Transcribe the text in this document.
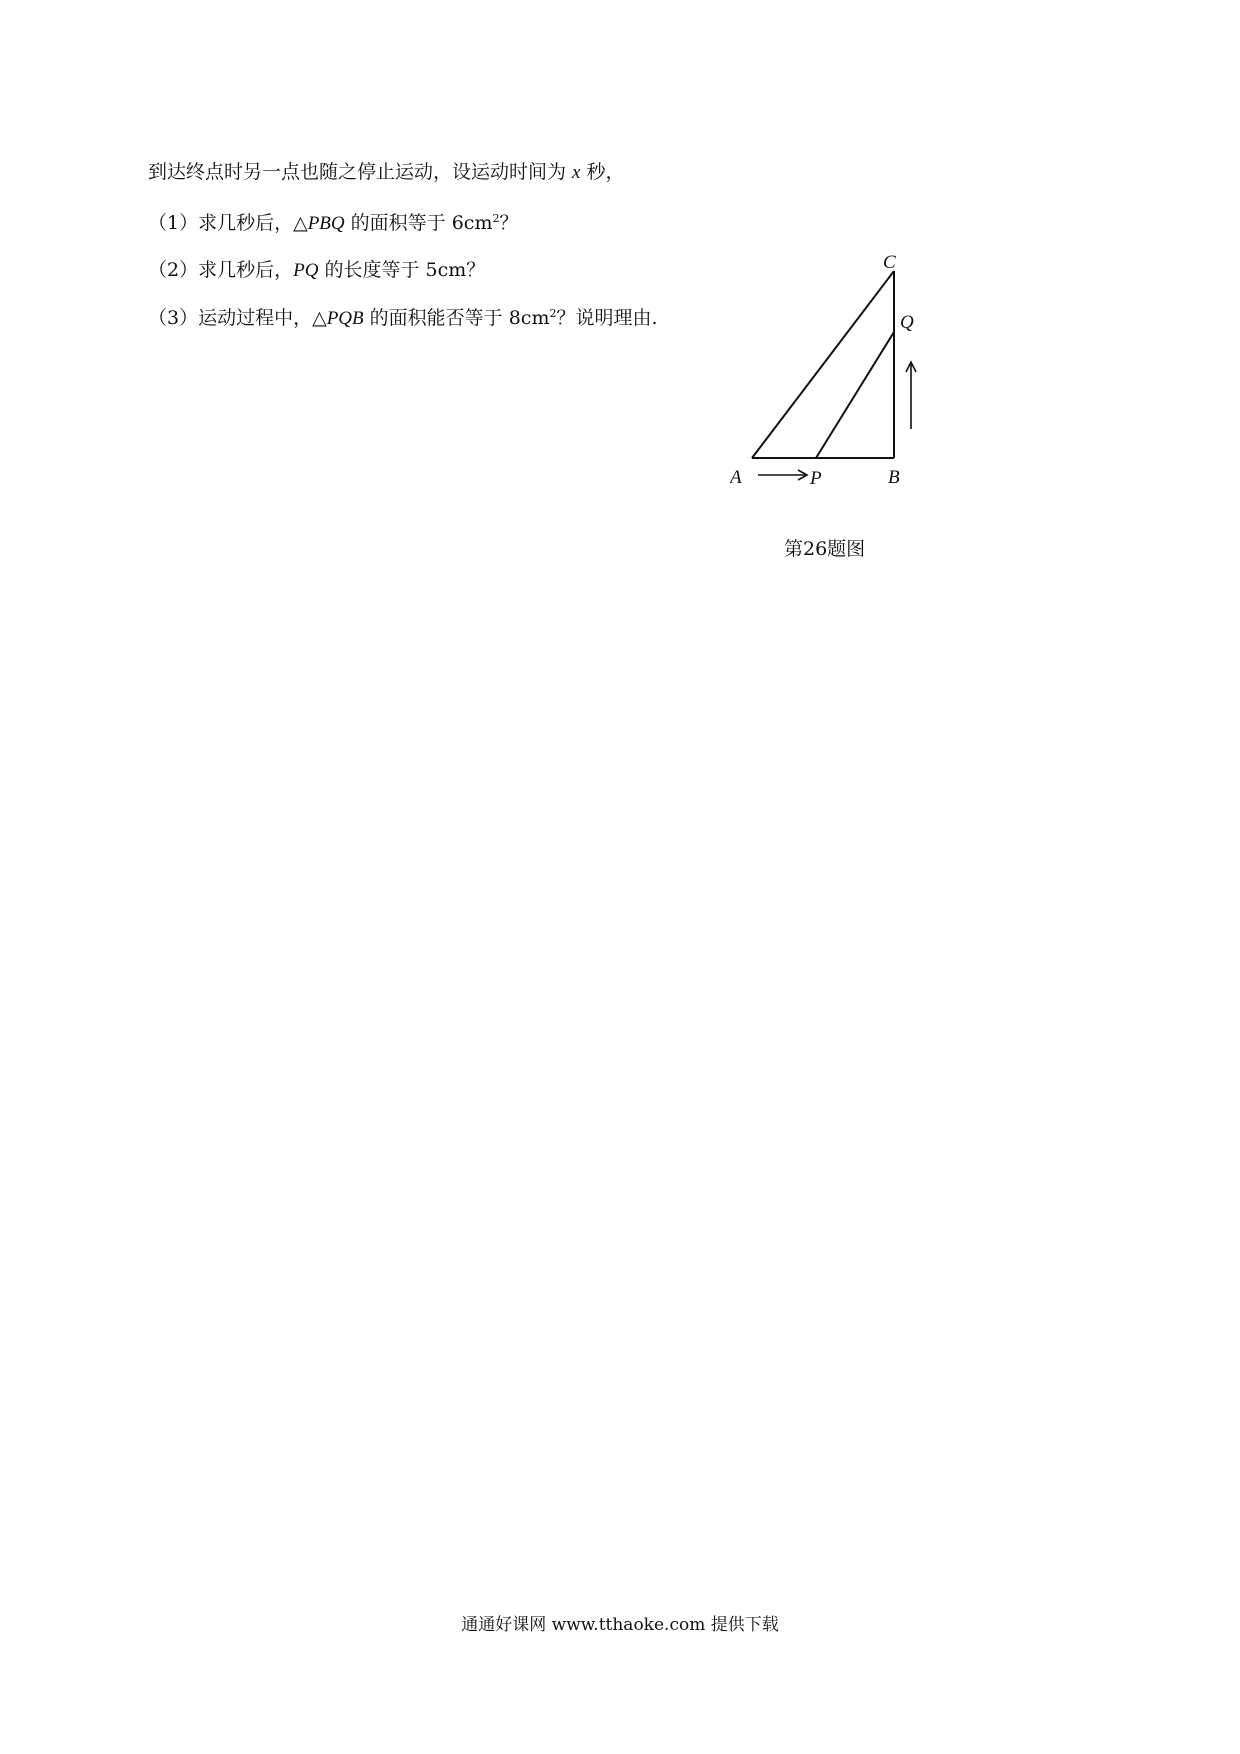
到达终点时另一点也随之停止运动，设运动时间为 x 秒，
（1）求几秒后，△PBQ 的面积等于 $6cm^2$？
（2）求几秒后，PQ 的长度等于 5cm？
（3）运动过程中，△PQB 的面积能否等于 $8cm^2$？说明理由.
A	P	B
C
Q
第26题图
通通好课网 www.tthaoke.com 提供下载
